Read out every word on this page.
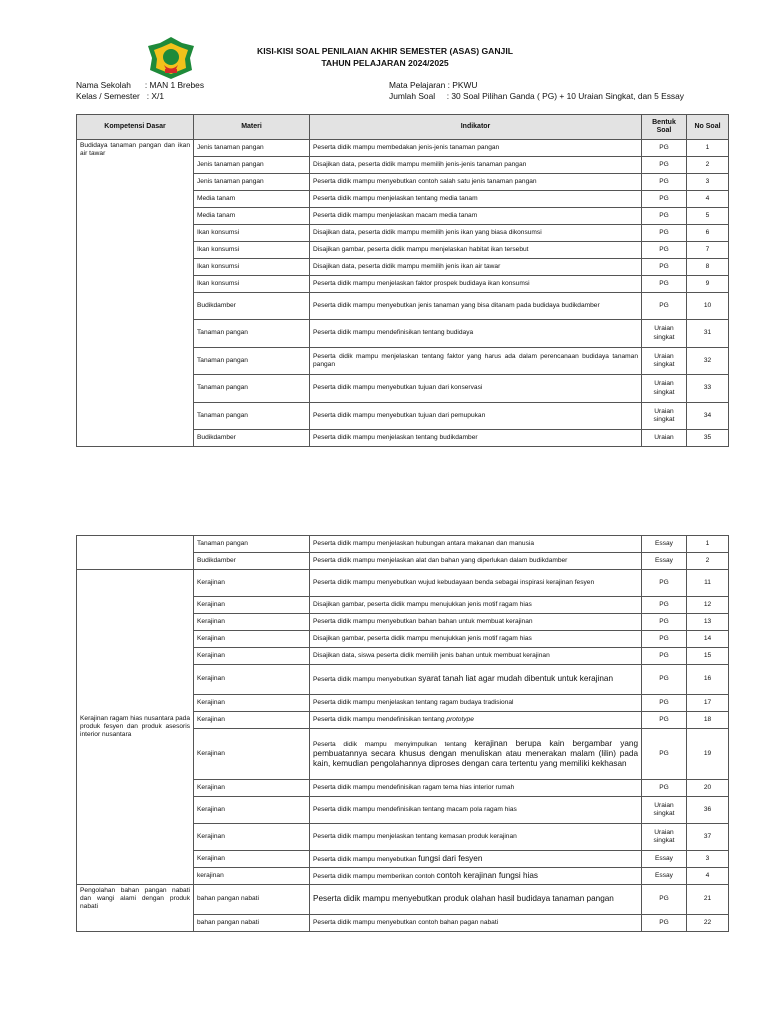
KISI-KISI SOAL PENILAIAN AKHIR SEMESTER (ASAS) GANJIL
TAHUN PELAJARAN 2024/2025
Nama Sekolah      : MAN 1 Brebes
Kelas / Semester   : X/1
Mata Pelajaran : PKWU
Jumlah Soal     : 30 Soal Pilihan Ganda ( PG) + 10 Uraian Singkat, dan 5 Essay
Kompetensi Dasar	Materi	Indikator	Bentuk Soal	No Soal
Budidaya tanaman pangan dan ikan air tawar	Jenis tanaman pangan	Peserta didik mampu membedakan jenis-jenis tanaman pangan	PG	1
	Jenis tanaman pangan	Disajikan data, peserta didik mampu memilih jenis-jenis tanaman pangan	PG	2
	Jenis tanaman pangan	Peserta didik mampu menyebutkan contoh salah satu jenis tanaman pangan	PG	3
	Media tanam	Peserta didik mampu menjelaskan tentang media tanam	PG	4
	Media tanam	Peserta didik mampu menjelaskan macam media tanam	PG	5
	Ikan konsumsi	Disajikan data, peserta didik mampu memilih jenis ikan yang biasa dikonsumsi	PG	6
	Ikan konsumsi	Disajikan gambar, peserta didik mampu menjelaskan habitat ikan tersebut	PG	7
	Ikan konsumsi	Disajikan data, peserta didik mampu memilih jenis ikan air tawar	PG	8
	Ikan konsumsi	Peserta didik mampu menjelaskan faktor prospek budidaya ikan konsumsi	PG	9
	Budikdamber	Peserta didik mampu menyebutkan jenis tanaman yang bisa ditanam pada budidaya budikdamber	PG	10
	Tanaman pangan	Peserta didik mampu mendefinisikan tentang budidaya	Uraian singkat	31
	Tanaman pangan	Peserta didik mampu menjelaskan tentang faktor yang harus ada dalam perencanaan budidaya tanaman pangan	Uraian singkat	32
	Tanaman pangan	Peserta didik mampu menyebutkan tujuan dari konservasi	Uraian singkat	33
	Tanaman pangan	Peserta didik mampu menyebutkan tujuan dari pemupukan	Uraian singkat	34
	Budikdamber	Peserta didik mampu menjelaskan tentang budikdamber	Uraian	35
	Tanaman pangan	Peserta didik mampu menjelaskan hubungan antara makanan dan manusia	Essay	1
	Budikdamber	Peserta didik mampu menjelaskan alat dan bahan yang diperlukan dalam budikdamber	Essay	2
Kerajinan ragam hias nusantara pada produk fesyen dan produk asesoris interior nusantara	Kerajinan	Peserta didik mampu menyebutkan wujud kebudayaan benda sebagai inspirasi kerajinan fesyen	PG	11
	Kerajinan	Disajikan gambar, peserta didik mampu menujukkan jenis motif ragam hias	PG	12
	Kerajinan	Peserta didik mampu menyebutkan bahan bahan untuk membuat kerajinan	PG	13
	Kerajinan	Disajikan gambar, peserta didik mampu menujukkan jenis motif ragam hias	PG	14
	Kerajinan	Disajikan data, siswa peserta didik memilih jenis bahan untuk membuat kerajinan	PG	15
	Kerajinan	Peserta didik mampu menyebutkan syarat tanah liat agar mudah dibentuk untuk kerajinan	PG	16
	Kerajinan	Peserta didik mampu menjelaskan tentang ragam budaya tradisional	PG	17
	Kerajinan	Peserta didik mampu mendefinisikan tentang prototype	PG	18
	Kerajinan	Peserta didik mampu menyimpulkan tentang kerajinan berupa kain bergambar yang pembuatannya secara khusus dengan menuliskan atau menerakan malam (lilin) pada kain, kemudian pengolahannya diproses dengan cara tertentu yang memiliki kekhasan	PG	19
	Kerajinan	Peserta didik mampu mendefinisikan ragam tema hias interior rumah	PG	20
	Kerajinan	Peserta didik mampu mendefinisikan tentang macam pola ragam hias	Uraian singkat	36
	Kerajinan	Peserta didik mampu menjelaskan tentang kemasan produk kerajinan	Uraian singkat	37
	Kerajinan	Peserta didik mampu menyebutkan fungsi dari fesyen	Essay	3
	kerajinan	Peserta didik mampu memberikan contoh contoh kerajinan fungsi hias	Essay	4
Pengolahan bahan pangan nabati dan wangi alami dengan produk nabati	bahan pangan nabati	Peserta didik mampu menyebutkan produk olahan hasil budidaya tanaman pangan	PG	21
	bahan pangan nabati	Peserta didik mampu menyebutkan contoh bahan pagan nabati	PG	22
